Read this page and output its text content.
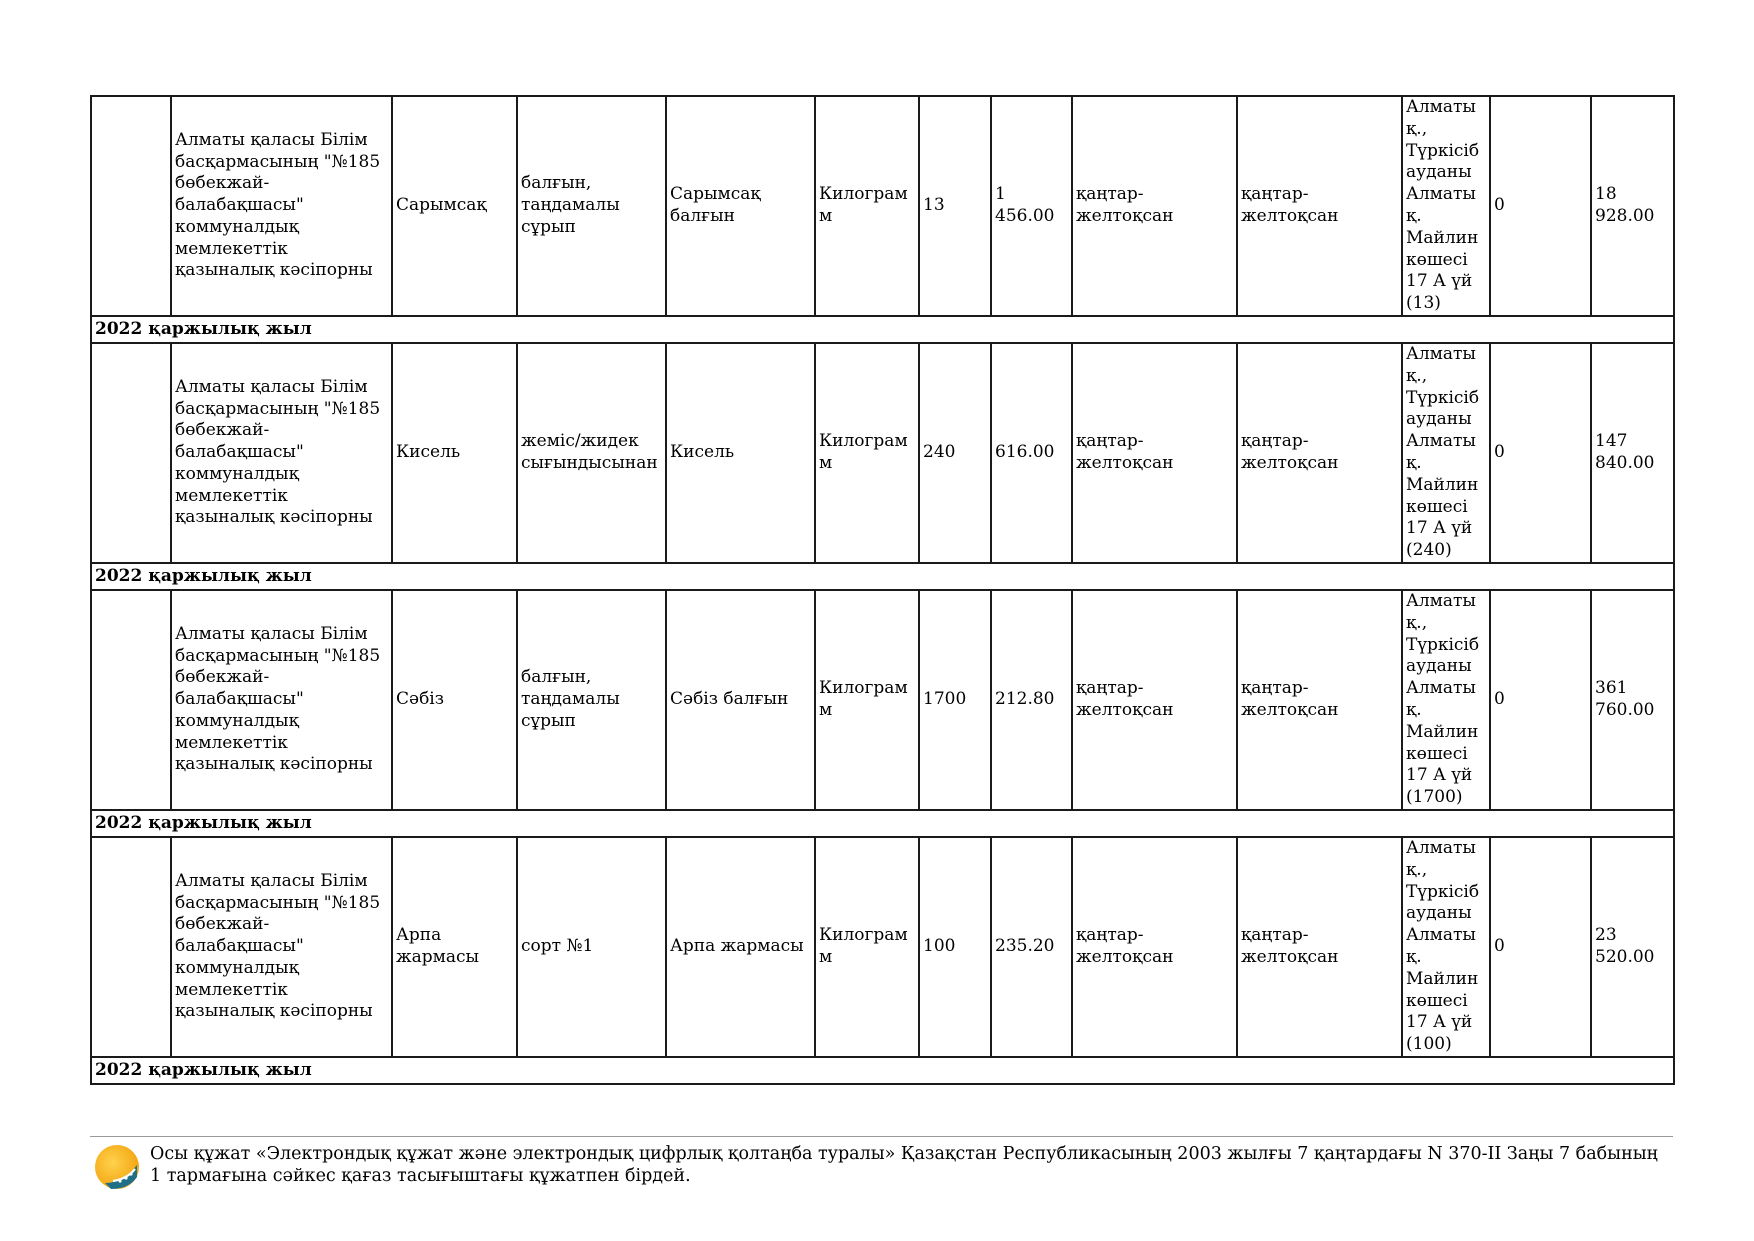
	Алматы қаласы Білім басқармасының "№185 бөбекжай-балабақшасы" коммуналдық мемлекеттік қазыналық кәсіпорны	Сарымсақ	балғын, таңдамалы сұрып	Сарымсақ балғын	Килограмм	13	1 456.00	қаңтар-желтоқсан	қаңтар-желтоқсан	Алматы қ., Түркісіб ауданы Алматы қ. Майлин көшесі 17 А үй (13)	0	18 928.00
2022 қаржылық жыл												
	Алматы қаласы Білім басқармасының "№185 бөбекжай-балабақшасы" коммуналдық мемлекеттік қазыналық кәсіпорны	Кисель	жеміс/жидек сығындысынан	Кисель	Килограмм	240	616.00	қаңтар-желтоқсан	қаңтар-желтоқсан	Алматы қ., Түркісіб ауданы Алматы қ. Майлин көшесі 17 А үй (240)	0	147 840.00
2022 қаржылық жыл												
	Алматы қаласы Білім басқармасының "№185 бөбекжай-балабақшасы" коммуналдық мемлекеттік қазыналық кәсіпорны	Сәбіз	балғын, таңдамалы сұрып	Сәбіз балғын	Килограмм	1700	212.80	қаңтар-желтоқсан	қаңтар-желтоқсан	Алматы қ., Түркісіб ауданы Алматы қ. Майлин көшесі 17 А үй (1700)	0	361 760.00
2022 қаржылық жыл												
	Алматы қаласы Білім басқармасының "№185 бөбекжай-балабақшасы" коммуналдық мемлекеттік қазыналық кәсіпорны	Арпа жармасы	сорт №1	Арпа жармасы	Килограмм	100	235.20	қаңтар-желтоқсан	қаңтар-желтоқсан	Алматы қ., Түркісіб ауданы Алматы қ. Майлин көшесі 17 А үй (100)	0	23 520.00
2022 қаржылық жыл												
Осы құжат «Электрондық құжат және электрондық цифрлық қолтаңба туралы» Қазақстан Республикасының 2003 жылғы 7 қаңтардағы N 370-II Заңы 7 бабының 1 тармағына сәйкес қағаз тасығыштағы құжатпен бірдей.
